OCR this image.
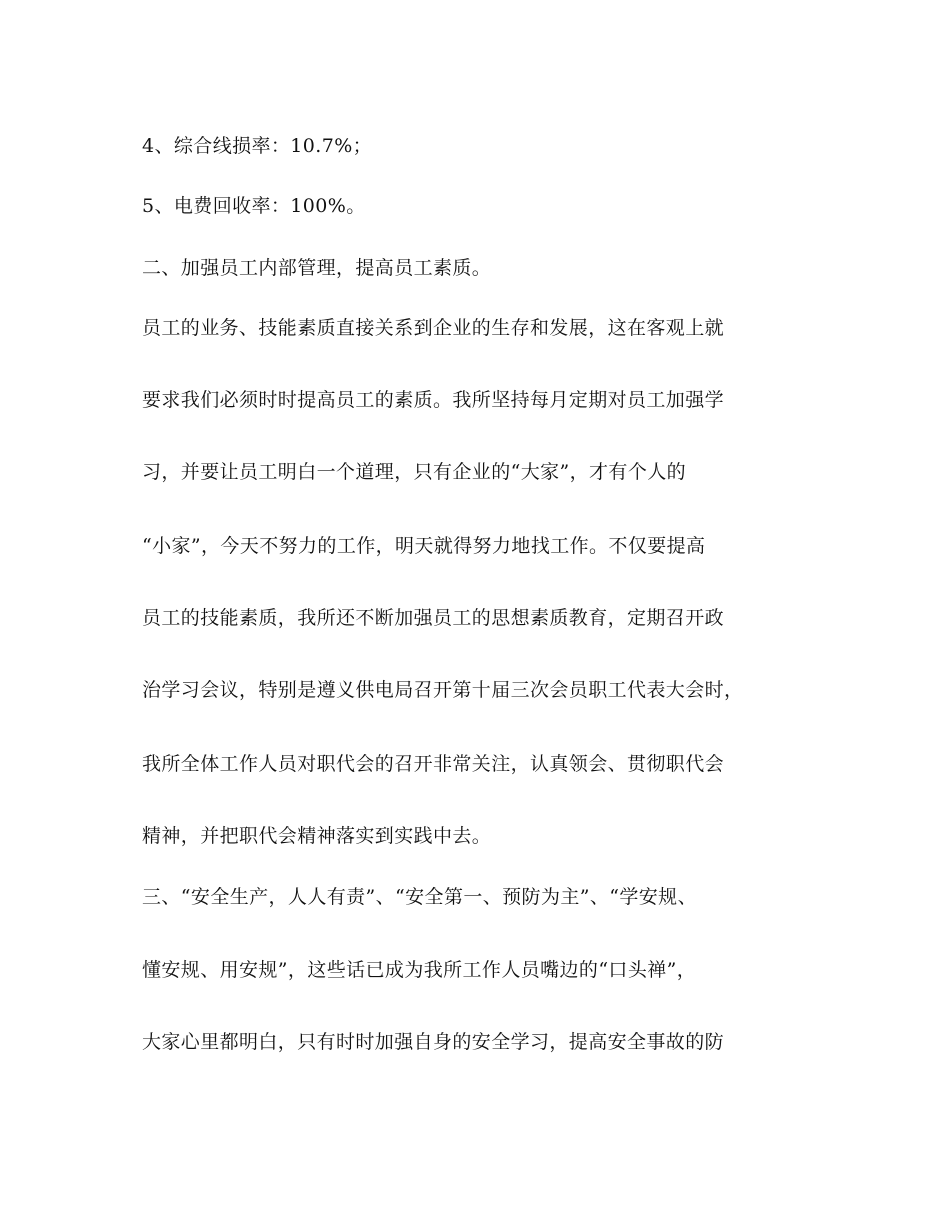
4、综合线损率：10.7%；
5、电费回收率：100%。
二、加强员工内部管理，提高员工素质。
员工的业务、技能素质直接关系到企业的生存和发展，这在客观上就
要求我们必须时时提高员工的素质。我所坚持每月定期对员工加强学
习，并要让员工明白一个道理，只有企业的“大家”，才有个人的
“小家”，今天不努力的工作，明天就得努力地找工作。不仅要提高
员工的技能素质，我所还不断加强员工的思想素质教育，定期召开政
治学习会议，特别是遵义供电局召开第十届三次会员职工代表大会时，
我所全体工作人员对职代会的召开非常关注，认真领会、贯彻职代会
精神，并把职代会精神落实到实践中去。
三、“安全生产，人人有责”、“安全第一、预防为主”、“学安规、
懂安规、用安规”，这些话已成为我所工作人员嘴边的“口头禅”，
大家心里都明白，只有时时加强自身的安全学习，提高安全事故的防
